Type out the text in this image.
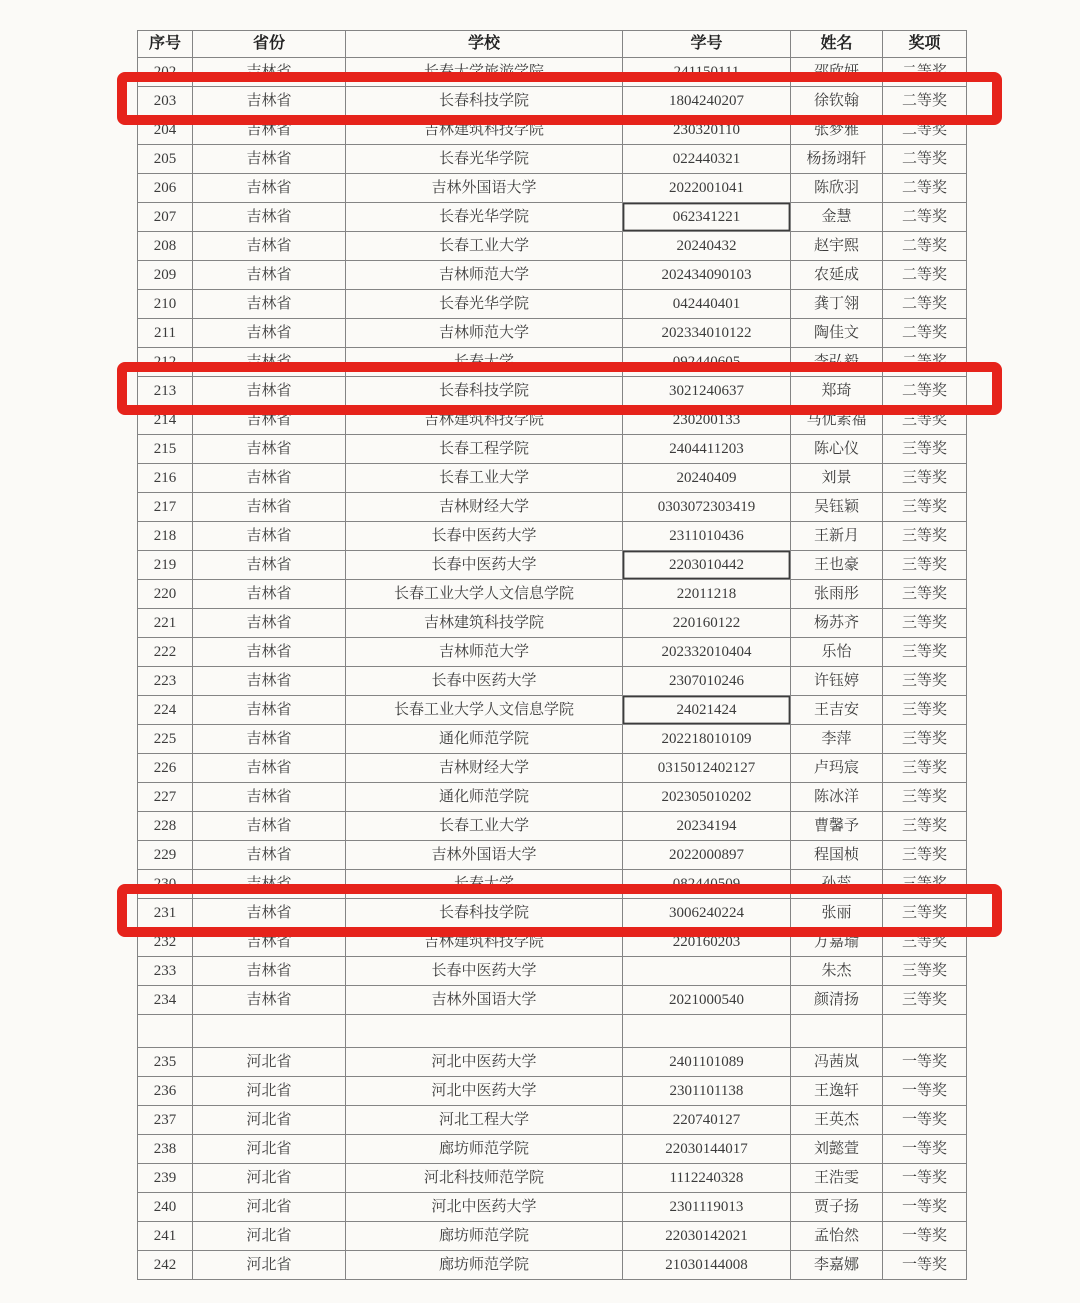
序号	省份	学校	学号	姓名	奖项
202	吉林省	长春大学旅游学院	241150111	邵欣妍	二等奖
203	吉林省	长春科技学院	1804240207	徐钦翰	二等奖
204	吉林省	吉林建筑科技学院	230320110	张梦雅	二等奖
205	吉林省	长春光华学院	022440321	杨扬翊轩	二等奖
206	吉林省	吉林外国语大学	2022001041	陈欣羽	二等奖
207	吉林省	长春光华学院	062341221	金慧	二等奖
208	吉林省	长春工业大学	20240432	赵宇熙	二等奖
209	吉林省	吉林师范大学	202434090103	农延成	二等奖
210	吉林省	长春光华学院	042440401	龚丁翎	二等奖
211	吉林省	吉林师范大学	202334010122	陶佳文	二等奖
212	吉林省	长春大学	092440605	李弘毅	二等奖
213	吉林省	长春科技学院	3021240637	郑琦	二等奖
214	吉林省	吉林建筑科技学院	230200133	马优素福	三等奖
215	吉林省	长春工程学院	2404411203	陈心仪	三等奖
216	吉林省	长春工业大学	20240409	刘景	三等奖
217	吉林省	吉林财经大学	0303072303419	吴钰颖	三等奖
218	吉林省	长春中医药大学	2311010436	王新月	三等奖
219	吉林省	长春中医药大学	2203010442	王也豪	三等奖
220	吉林省	长春工业大学人文信息学院	22011218	张雨彤	三等奖
221	吉林省	吉林建筑科技学院	220160122	杨苏齐	三等奖
222	吉林省	吉林师范大学	202332010404	乐怡	三等奖
223	吉林省	长春中医药大学	2307010246	许钰婷	三等奖
224	吉林省	长春工业大学人文信息学院	24021424	王吉安	三等奖
225	吉林省	通化师范学院	202218010109	李萍	三等奖
226	吉林省	吉林财经大学	0315012402127	卢玛宸	三等奖
227	吉林省	通化师范学院	202305010202	陈冰洋	三等奖
228	吉林省	长春工业大学	20234194	曹馨予	三等奖
229	吉林省	吉林外国语大学	2022000897	程国桢	三等奖
230	吉林省	长春大学	082440509	孙蕊	三等奖
231	吉林省	长春科技学院	3006240224	张丽	三等奖
232	吉林省	吉林建筑科技学院	220160203	万嘉瑜	三等奖
233	吉林省	长春中医药大学		朱杰	三等奖
234	吉林省	吉林外国语大学	2021000540	颜清扬	三等奖

235	河北省	河北中医药大学	2401101089	冯茜岚	一等奖
236	河北省	河北中医药大学	2301101138	王逸轩	一等奖
237	河北省	河北工程大学	220740127	王英杰	一等奖
238	河北省	廊坊师范学院	22030144017	刘懿萱	一等奖
239	河北省	河北科技师范学院	1112240328	王浩雯	一等奖
240	河北省	河北中医药大学	2301119013	贾子扬	一等奖
241	河北省	廊坊师范学院	22030142021	孟怡然	一等奖
242	河北省	廊坊师范学院	21030144008	李嘉娜	一等奖
